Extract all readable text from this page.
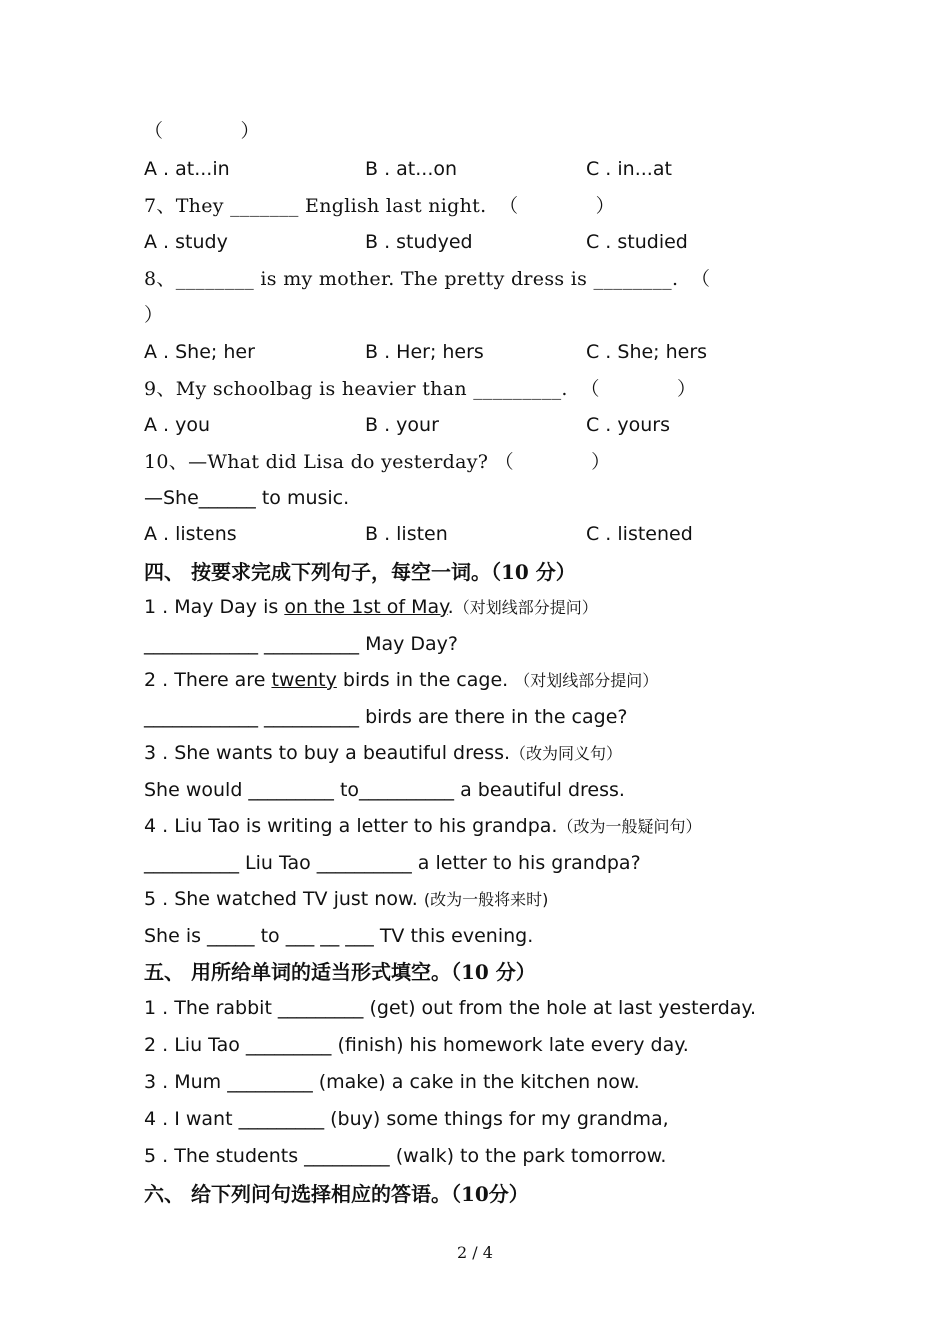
（　　　　）
A . at...in	B . at...on	C . in...at
7、They _______ English last night.  （　　　　）
A . study	B . studyed	C . studied
8、________ is my mother. The pretty dress is ________.  （
）
A . She; her	B . Her; hers	C . She; hers
9、My schoolbag is heavier than _________.  （　　　　）
A . you	B . your	C . yours
10、—What did Lisa do yesterday? （　　　　）
—She______ to music.
A . listens	B . listen	C . listened
四、 按要求完成下列句子，每空一词。（10 分）
1 . May Day is on the 1st of May.（对划线部分提问）
____________ __________ May Day?
2 . There are twenty birds in the cage. （对划线部分提问）
____________ __________ birds are there in the cage?
3 . She wants to buy a beautiful dress.（改为同义句）
She would _________ to__________ a beautiful dress.
4 . Liu Tao is writing a letter to his grandpa.（改为一般疑问句）
__________ Liu Tao __________ a letter to his grandpa?
5 . She watched TV just now. (改为一般将来时)
She is _____ to ___ __ ___ TV this evening.
五、 用所给单词的适当形式填空。（10 分）
1 . The rabbit _________ (get) out from the hole at last yesterday.
2 . Liu Tao _________ (finish) his homework late every day.
3 . Mum _________ (make) a cake in the kitchen now.
4 . I want _________ (buy) some things for my grandma,
5 . The students _________ (walk) to the park tomorrow.
六、 给下列问句选择相应的答语。（10分）
2 / 4
